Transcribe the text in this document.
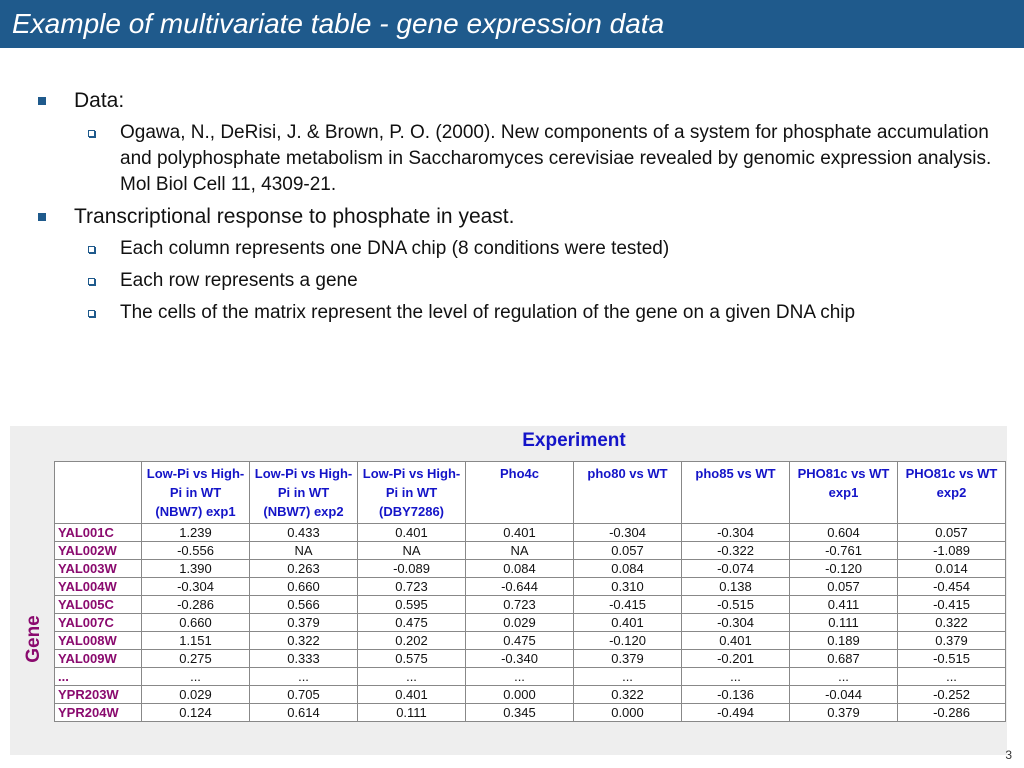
Example of multivariate table - gene expression data
Data:
Ogawa, N., DeRisi, J. & Brown, P. O. (2000). New components of a system for phosphate accumulation and polyphosphate metabolism in Saccharomyces cerevisiae revealed by genomic expression analysis. Mol Biol Cell 11, 4309-21.
Transcriptional response to phosphate in yeast.
Each column represents one DNA chip (8 conditions were tested)
Each row represents a gene
The cells of the matrix represent the level of regulation of the gene on a given DNA chip
Experiment
Gene
	Low-Pi vs High-Pi in WT (NBW7) exp1	Low-Pi vs High-Pi in WT (NBW7) exp2	Low-Pi vs High-Pi in WT (DBY7286)	Pho4c	pho80 vs WT	pho85 vs WT	PHO81c vs WT exp1	PHO81c vs WT exp2
YAL001C	1.239	0.433	0.401	0.401	-0.304	-0.304	0.604	0.057
YAL002W	-0.556	NA	NA	NA	0.057	-0.322	-0.761	-1.089
YAL003W	1.390	0.263	-0.089	0.084	0.084	-0.074	-0.120	0.014
YAL004W	-0.304	0.660	0.723	-0.644	0.310	0.138	0.057	-0.454
YAL005C	-0.286	0.566	0.595	0.723	-0.415	-0.515	0.411	-0.415
YAL007C	0.660	0.379	0.475	0.029	0.401	-0.304	0.111	0.322
YAL008W	1.151	0.322	0.202	0.475	-0.120	0.401	0.189	0.379
YAL009W	0.275	0.333	0.575	-0.340	0.379	-0.201	0.687	-0.515
...	...	...	...	...	...	...	...	...
YPR203W	0.029	0.705	0.401	0.000	0.322	-0.136	-0.044	-0.252
YPR204W	0.124	0.614	0.111	0.345	0.000	-0.494	0.379	-0.286
3
